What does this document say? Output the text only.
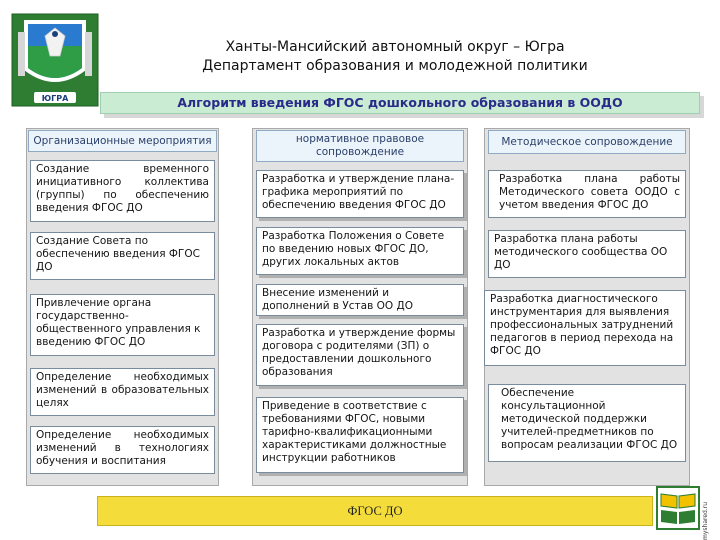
ЮГРА
Ханты-Мансийский автономный округ – Югра
Департамент образования и молодежной политики
Алгоритм введения ФГОС дошкольного образования в ООДО
Организационные мероприятия
Создание временного инициативного коллектива (группы) по обеспечению введения ФГОС ДО
Создание Совета по обеспечению введения ФГОС ДО
Привлечение органа государственно-общественного управления к введению ФГОС ДО
Определение необходимых изменений в образовательных целях
Определение необходимых изменений в технологиях обучения и воспитания
нормативное правовое сопровождение
Разработка и утверждение плана-графика мероприятий по обеспечению введения ФГОС ДО
Разработка Положения о Совете по введению новых ФГОС ДО, других локальных актов
Внесение изменений и дополнений в Устав ОО ДО
Разработка и утверждение формы договора с родителями (ЗП) о предоставлении дошкольного образования
Приведение в соответствие с требованиями ФГОС, новыми тарифно-квалификационными характеристиками должностные инструкции работников
Методическое сопровождение
Разработка плана работы Методического совета ООДО с учетом введения ФГОС ДО
Разработка плана работы методического сообщества ОО ДО
Разработка диагностического инструментария для выявления профессиональных затруднений педагогов в период перехода на ФГОС ДО
Обеспечение консультационной методической поддержки учителей-предметников по вопросам реализации ФГОС ДО
ФГОС ДО	myshared.ru
